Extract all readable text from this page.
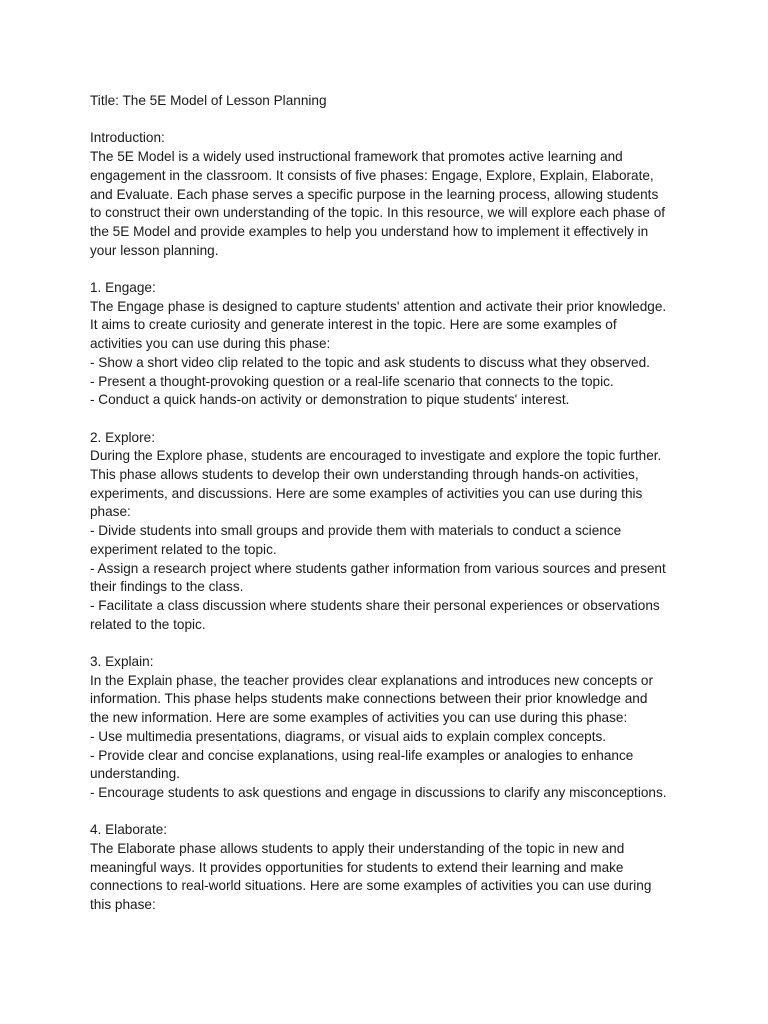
Title: The 5E Model of Lesson Planning
Introduction:
The 5E Model is a widely used instructional framework that promotes active learning and
engagement in the classroom. It consists of five phases: Engage, Explore, Explain, Elaborate,
and Evaluate. Each phase serves a specific purpose in the learning process, allowing students
to construct their own understanding of the topic. In this resource, we will explore each phase of
the 5E Model and provide examples to help you understand how to implement it effectively in
your lesson planning.
1. Engage:
The Engage phase is designed to capture students' attention and activate their prior knowledge.
It aims to create curiosity and generate interest in the topic. Here are some examples of
activities you can use during this phase:
- Show a short video clip related to the topic and ask students to discuss what they observed.
- Present a thought-provoking question or a real-life scenario that connects to the topic.
- Conduct a quick hands-on activity or demonstration to pique students' interest.
2. Explore:
During the Explore phase, students are encouraged to investigate and explore the topic further.
This phase allows students to develop their own understanding through hands-on activities,
experiments, and discussions. Here are some examples of activities you can use during this
phase:
- Divide students into small groups and provide them with materials to conduct a science
experiment related to the topic.
- Assign a research project where students gather information from various sources and present
their findings to the class.
- Facilitate a class discussion where students share their personal experiences or observations
related to the topic.
3. Explain:
In the Explain phase, the teacher provides clear explanations and introduces new concepts or
information. This phase helps students make connections between their prior knowledge and
the new information. Here are some examples of activities you can use during this phase:
- Use multimedia presentations, diagrams, or visual aids to explain complex concepts.
- Provide clear and concise explanations, using real-life examples or analogies to enhance
understanding.
- Encourage students to ask questions and engage in discussions to clarify any misconceptions.
4. Elaborate:
The Elaborate phase allows students to apply their understanding of the topic in new and
meaningful ways. It provides opportunities for students to extend their learning and make
connections to real-world situations. Here are some examples of activities you can use during
this phase:
